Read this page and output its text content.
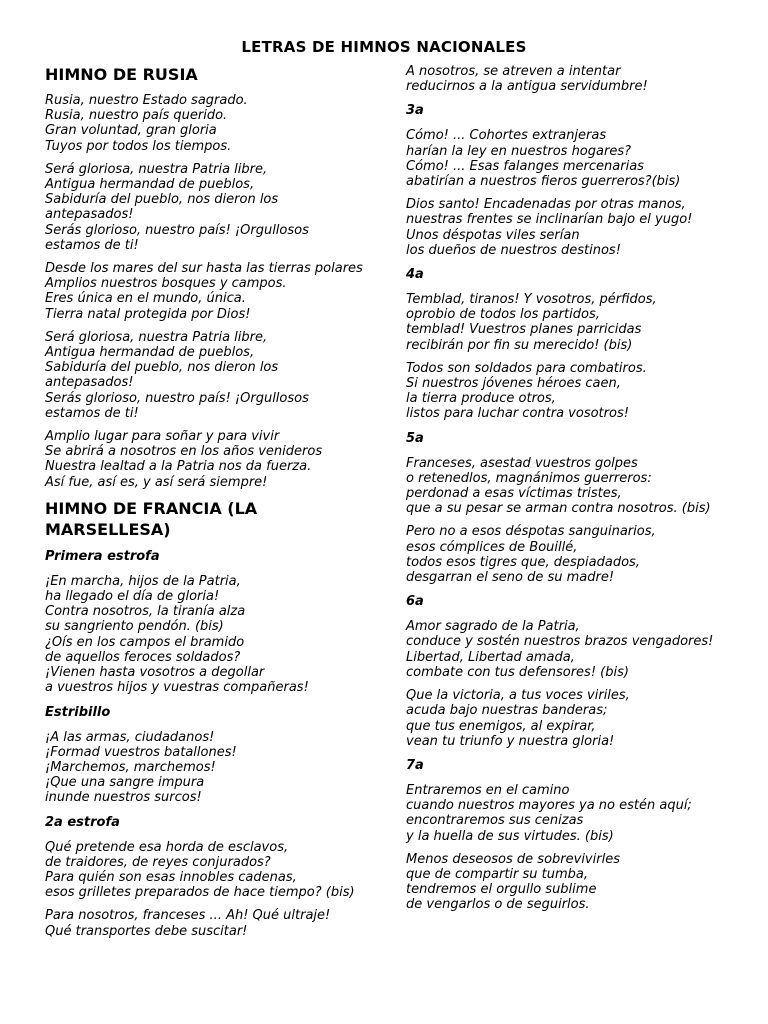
LETRAS DE HIMNOS NACIONALES
HIMNO DE RUSIA
Rusia, nuestro Estado sagrado.
Rusia, nuestro país querido.
Gran voluntad, gran gloria
Tuyos por todos los tiempos.
Será gloriosa, nuestra Patria libre,
Antigua hermandad de pueblos,
Sabiduría del pueblo, nos dieron los antepasados!
Serás glorioso, nuestro país! ¡Orgullosos estamos de ti!
Desde los mares del sur hasta las tierras polares
Amplios nuestros bosques y campos.
Eres única en el mundo, única.
Tierra natal protegida por Dios!
Será gloriosa, nuestra Patria libre,
Antigua hermandad de pueblos,
Sabiduría del pueblo, nos dieron los antepasados!
Serás glorioso, nuestro país! ¡Orgullosos estamos de ti!
Amplio lugar para soñar y para vivir
Se abrirá a nosotros en los años venideros
Nuestra lealtad a la Patria nos da fuerza.
Así fue, así es, y así será siempre!
HIMNO DE FRANCIA (LA MARSELLESA)
Primera estrofa
¡En marcha, hijos de la Patria,
ha llegado el día de gloria!
Contra nosotros, la tiranía alza
su sangriento pendón. (bis)
¿Oís en los campos el bramido
de aquellos feroces soldados?
¡Vienen hasta vosotros a degollar
a vuestros hijos y vuestras compañeras!
Estribillo
¡A las armas, ciudadanos!
¡Formad vuestros batallones!
¡Marchemos, marchemos!
¡Que una sangre impura
inunde nuestros surcos!
2a estrofa
Qué pretende esa horda de esclavos,
de traidores, de reyes conjurados?
Para quién son esas innobles cadenas,
esos grilletes preparados de hace tiempo? (bis)
Para nosotros, franceses ... Ah! Qué ultraje!
Qué transportes debe suscitar!
A nosotros, se atreven a intentar
reducirnos a la antigua servidumbre!
3a
Cómo! ... Cohortes extranjeras
harían la ley en nuestros hogares?
Cómo! ... Esas falanges mercenarias
abatirían a nuestros fieros guerreros?(bis)
Dios santo! Encadenadas por otras manos,
nuestras frentes se inclinarían bajo el yugo!
Unos déspotas viles serían
los dueños de nuestros destinos!
4a
Temblad, tiranos! Y vosotros, pérfidos,
oprobio de todos los partidos,
temblad! Vuestros planes parricidas
recibirán por fin su merecido! (bis)
Todos son soldados para combatiros.
Si nuestros jóvenes héroes caen,
la tierra produce otros,
listos para luchar contra vosotros!
5a
Franceses, asestad vuestros golpes
o retenedlos, magnánimos guerreros:
perdonad a esas víctimas tristes,
que a su pesar se arman contra nosotros. (bis)
Pero no a esos déspotas sanguinarios,
esos cómplices de Bouillé,
todos esos tigres que, despiadados,
desgarran el seno de su madre!
6a
Amor sagrado de la Patria,
conduce y sostén nuestros brazos vengadores!
Libertad, Libertad amada,
combate con tus defensores! (bis)
Que la victoria, a tus voces viriles,
acuda bajo nuestras banderas;
que tus enemigos, al expirar,
vean tu triunfo y nuestra gloria!
7a
Entraremos en el camino
cuando nuestros mayores ya no estén aquí;
encontraremos sus cenizas
y la huella de sus virtudes. (bis)
Menos deseosos de sobrevivirles
que de compartir su tumba,
tendremos el orgullo sublime
de vengarlos o de seguirlos.
